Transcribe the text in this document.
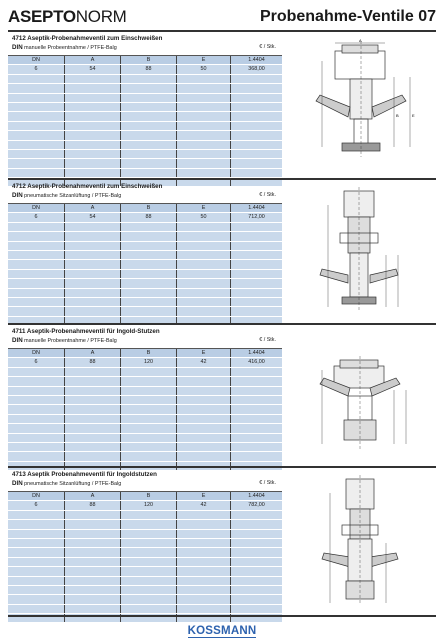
ASEPTONORM	Probenahme-Ventile 07
4712 Aseptik-Probenahmeventil zum Einschweißen
DIN manuelle Probeentnahme / PTFE-Balg	€ / Stk.
DN	A	B	E	1.4404
6	54	88	50	368,00
A
B	E
4712 Aseptik-Probenahmeventil zum Einschweißen
DIN pneumatische Sitzanlüftung / PTFE-Balg	€ / Stk.
DN	A	B	E	1.4404
6	54	88	50	712,00
4711 Aseptik-Probenahmeventil für Ingold-Stutzen
DIN manuelle Probeentnahme / PTFE-Balg	€ / Stk.
DN	A	B	E	1.4404
6	88	120	42	416,00
4713 Aseptik Probenahmeventil für Ingoldstutzen
DIN pneumatische Sitzanlüftung / PTFE-Balg	€ / Stk.
DN	A	B	E	1.4404
6	88	120	42	782,00
KOSSMANN
